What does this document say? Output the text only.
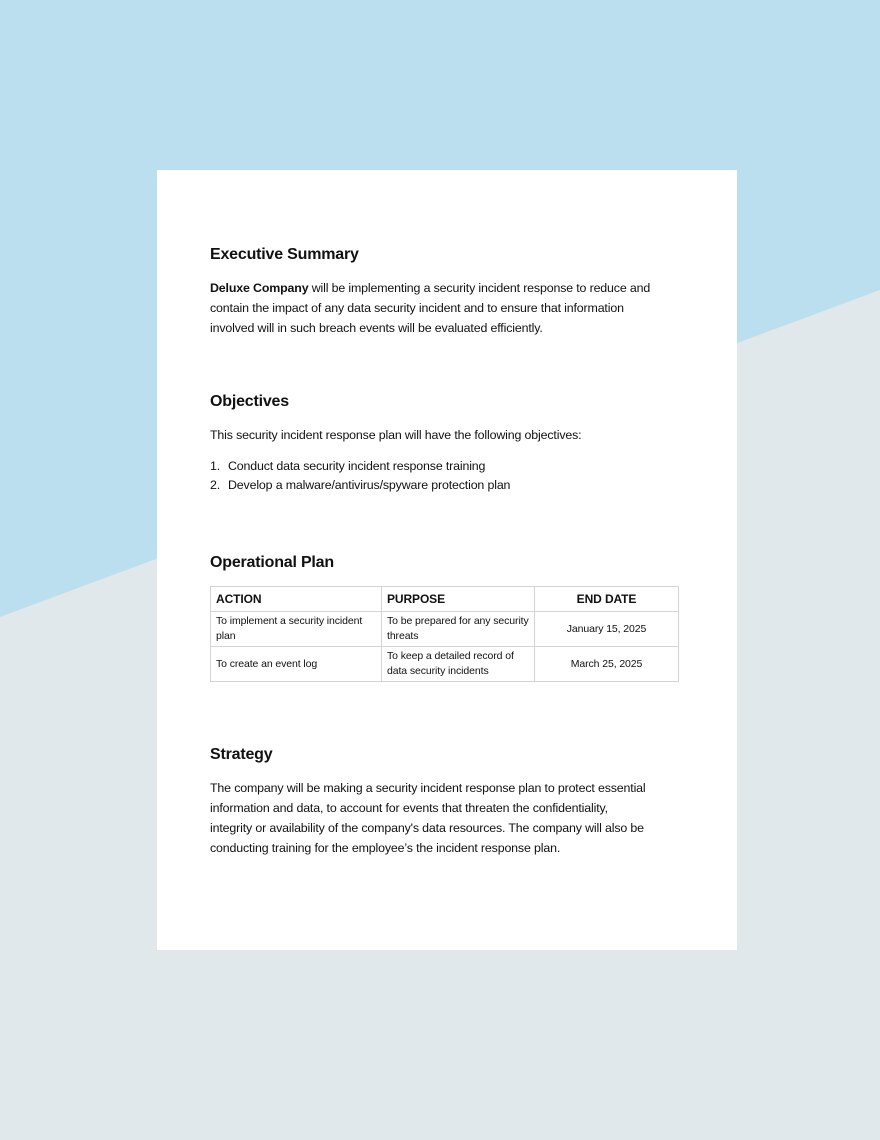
Executive Summary

Deluxe Company will be implementing a security incident response to reduce and

contain the impact of any data security incident and to ensure that information

involved will in such breach events will be evaluated efficiently.

Objectives

This security incident response plan will have the following objectives:

1. Conduct data security incident response training
2. Develop a malware/antivirus/spyware protection plan
Operational Plan
ACTION	PURPOSE	END DATE
To implement a security incident plan	To be prepared for any security threats	January 15, 2025
To create an event log	To keep a detailed record of data security incidents	March 25, 2025
Strategy

The company will be making a security incident response plan to protect essential

information and data, to account for events that threaten the confidentiality,

integrity or availability of the company's data resources. The company will also be

conducting training for the employee’s the incident response plan.
